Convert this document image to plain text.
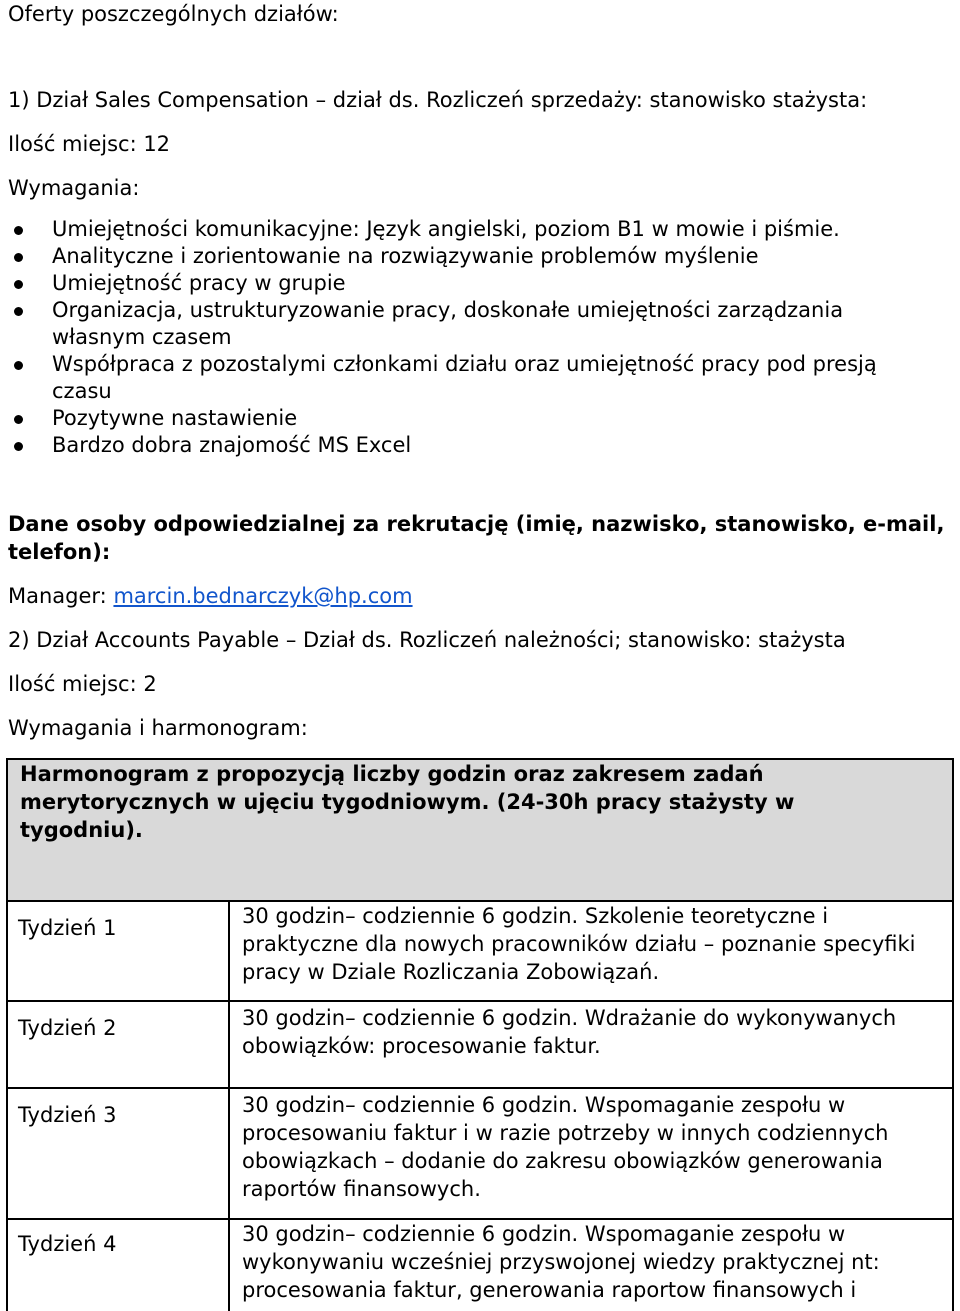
Oferty poszczególnych działów:
1) Dział Sales Compensation – dział ds. Rozliczeń sprzedaży: stanowisko stażysta:
Ilość miejsc: 12
Wymagania:
Umiejętności komunikacyjne: Język angielski, poziom B1 w mowie i piśmie.
Analityczne i zorientowanie na rozwiązywanie problemów myślenie
Umiejętność pracy w grupie
Organizacja, ustrukturyzowanie pracy, doskonałe umiejętności zarządzania własnym czasem
Współpraca z pozostalymi członkami działu oraz umiejętność pracy pod presją czasu
Pozytywne nastawienie
Bardzo dobra znajomość MS Excel
Dane osoby odpowiedzialnej za rekrutację (imię, nazwisko, stanowisko, e-mail, telefon):
Manager: marcin.bednarczyk@hp.com
2) Dział Accounts Payable – Dział ds. Rozliczeń należności; stanowisko: stażysta
Ilość miejsc: 2
Wymagania i harmonogram:
Harmonogram z propozycją liczby godzin oraz zakresem zadań merytorycznych w ujęciu tygodniowym. (24-30h pracy stażysty w tygodniu).
Tydzień 1	30 godzin– codziennie 6 godzin. Szkolenie teoretyczne i praktyczne dla nowych pracowników działu – poznanie specyfiki pracy w Dziale Rozliczania Zobowiązań.
Tydzień 2	30 godzin– codziennie 6 godzin. Wdrażanie do wykonywanych obowiązków: procesowanie faktur.
Tydzień 3	30 godzin– codziennie 6 godzin. Wspomaganie zespołu w procesowaniu faktur i w razie potrzeby w innych codziennych obowiązkach – dodanie do zakresu obowiązków generowania raportów finansowych.
Tydzień 4	30 godzin– codziennie 6 godzin. Wspomaganie zespołu w wykonywaniu wcześniej przyswojonej wiedzy praktycznej nt: procesowania faktur, generowania raportow finansowych i
